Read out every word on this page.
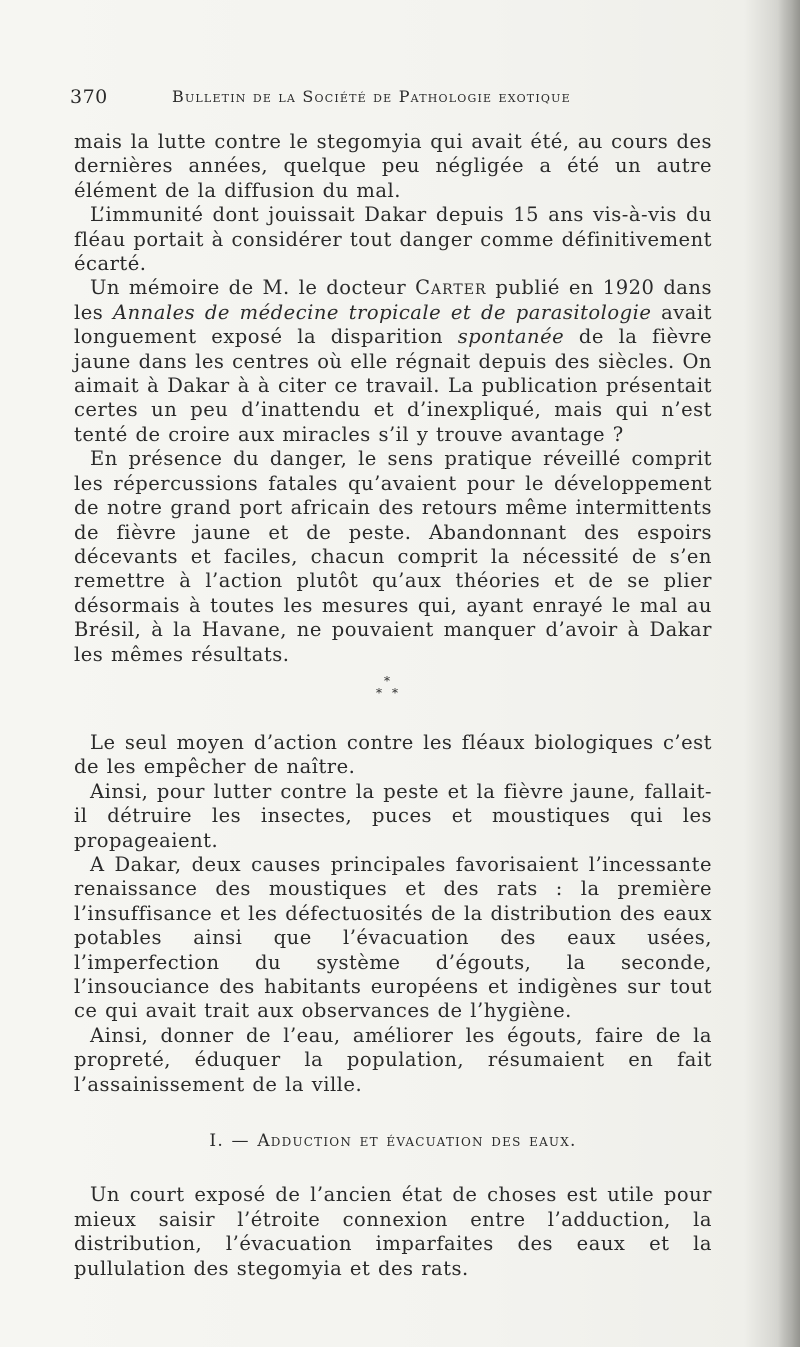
370	Bulletin de la Société de Pathologie exotique

mais la lutte contre le stegomyia qui avait été, au cours des dernières années, quelque peu négligée a été un autre élément de la diffusion du mal.

L’immunité dont jouissait Dakar depuis 15 ans vis-à-vis du fléau portait à considérer tout danger comme définitivement écarté.

Un mémoire de M. le docteur Carter publié en 1920 dans les Annales de médecine tropicale et de parasitologie avait longuement exposé la disparition spontanée de la fièvre jaune dans les centres où elle régnait depuis des siècles. On aimait à Dakar à à citer ce travail. La publication présentait certes un peu d’inattendu et d’inexpliqué, mais qui n’est tenté de croire aux miracles s’il y trouve avantage ?

En présence du danger, le sens pratique réveillé comprit les répercussions fatales qu’avaient pour le développement de notre grand port africain des retours même intermittents de fièvre jaune et de peste. Abandonnant des espoirs décevants et faciles, chacun comprit la nécessité de s’en remettre à l’action plutôt qu’aux théories et de se plier désormais à toutes les mesures qui, ayant enrayé le mal au Brésil, à la Havane, ne pouvaient manquer d’avoir à Dakar les mêmes résultats.

*
* *

Le seul moyen d’action contre les fléaux biologiques c’est de les empêcher de naître.

Ainsi, pour lutter contre la peste et la fièvre jaune, fallait-il détruire les insectes, puces et moustiques qui les propageaient.

A Dakar, deux causes principales favorisaient l’incessante renaissance des moustiques et des rats : la première l’insuffisance et les défectuosités de la distribution des eaux potables ainsi que l’évacuation des eaux usées, l’imperfection du système d’égouts, la seconde, l’insouciance des habitants européens et indigènes sur tout ce qui avait trait aux observances de l’hygiène.

Ainsi, donner de l’eau, améliorer les égouts, faire de la propreté, éduquer la population, résumaient en fait l’assainissement de la ville.

I. — Adduction et évacuation des eaux.

Un court exposé de l’ancien état de choses est utile pour mieux saisir l’étroite connexion entre l’adduction, la distribution, l’évacuation imparfaites des eaux et la pullulation des stegomyia et des rats.
